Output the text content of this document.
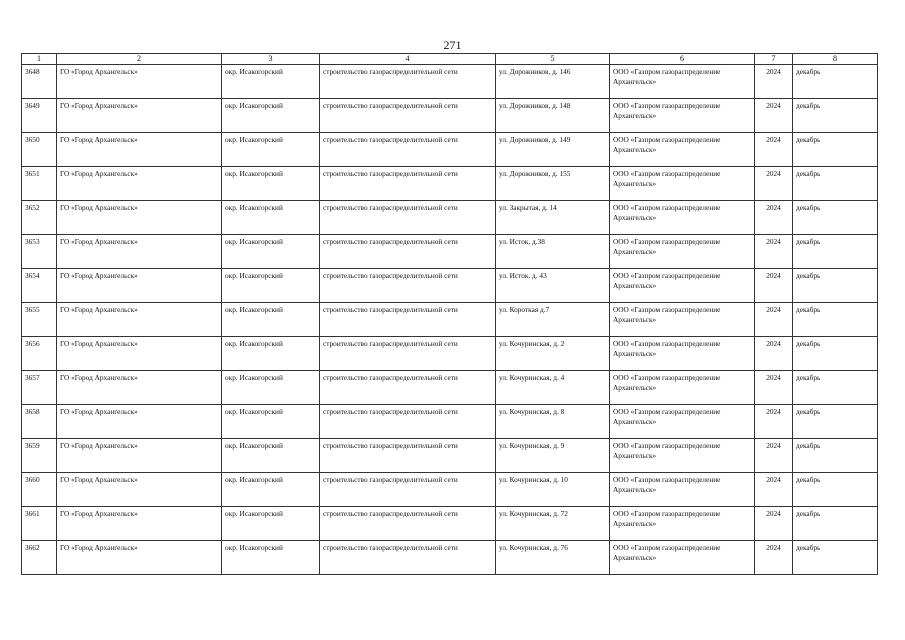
271
1	2	3	4	5	6	7	8
3648	ГО «Город Архангельск»	окр. Исакогорский	строительство газораспределительной сети	ул. Дорожников, д. 146	ООО «Газпром газораспределение Архангельск»	2024	декабрь
3649	ГО «Город Архангельск»	окр. Исакогорский	строительство газораспределительной сети	ул. Дорожников, д. 148	ООО «Газпром газораспределение Архангельск»	2024	декабрь
3650	ГО «Город Архангельск»	окр. Исакогорский	строительство газораспределительной сети	ул. Дорожников, д. 149	ООО «Газпром газораспределение Архангельск»	2024	декабрь
3651	ГО «Город Архангельск»	окр. Исакогорский	строительство газораспределительной сети	ул. Дорожников, д. 155	ООО «Газпром газораспределение Архангельск»	2024	декабрь
3652	ГО «Город Архангельск»	окр. Исакогорский	строительство газораспределительной сети	ул. Закрытая, д. 14	ООО «Газпром газораспределение Архангельск»	2024	декабрь
3653	ГО «Город Архангельск»	окр. Исакогорский	строительство газораспределительной сети	ул. Исток, д.38	ООО «Газпром газораспределение Архангельск»	2024	декабрь
3654	ГО «Город Архангельск»	окр. Исакогорский	строительство газораспределительной сети	ул. Исток, д. 43	ООО «Газпром газораспределение Архангельск»	2024	декабрь
3655	ГО «Город Архангельск»	окр. Исакогорский	строительство газораспределительной сети	ул. Короткая д.7	ООО «Газпром газораспределение Архангельск»	2024	декабрь
3656	ГО «Город Архангельск»	окр. Исакогорский	строительство газораспределительной сети	ул. Кочуринская, д. 2	ООО «Газпром газораспределение Архангельск»	2024	декабрь
3657	ГО «Город Архангельск»	окр. Исакогорский	строительство газораспределительной сети	ул. Кочуринская, д. 4	ООО «Газпром газораспределение Архангельск»	2024	декабрь
3658	ГО «Город Архангельск»	окр. Исакогорский	строительство газораспределительной сети	ул. Кочуринская, д. 8	ООО «Газпром газораспределение Архангельск»	2024	декабрь
3659	ГО «Город Архангельск»	окр. Исакогорский	строительство газораспределительной сети	ул. Кочуринская, д. 9	ООО «Газпром газораспределение Архангельск»	2024	декабрь
3660	ГО «Город Архангельск»	окр. Исакогорский	строительство газораспределительной сети	ул. Кочуринская, д. 10	ООО «Газпром газораспределение Архангельск»	2024	декабрь
3661	ГО «Город Архангельск»	окр. Исакогорский	строительство газораспределительной сети	ул. Кочуринская, д. 72	ООО «Газпром газораспределение Архангельск»	2024	декабрь
3662	ГО «Город Архангельск»	окр. Исакогорский	строительство газораспределительной сети	ул. Кочуринская, д. 76	ООО «Газпром газораспределение Архангельск»	2024	декабрь
